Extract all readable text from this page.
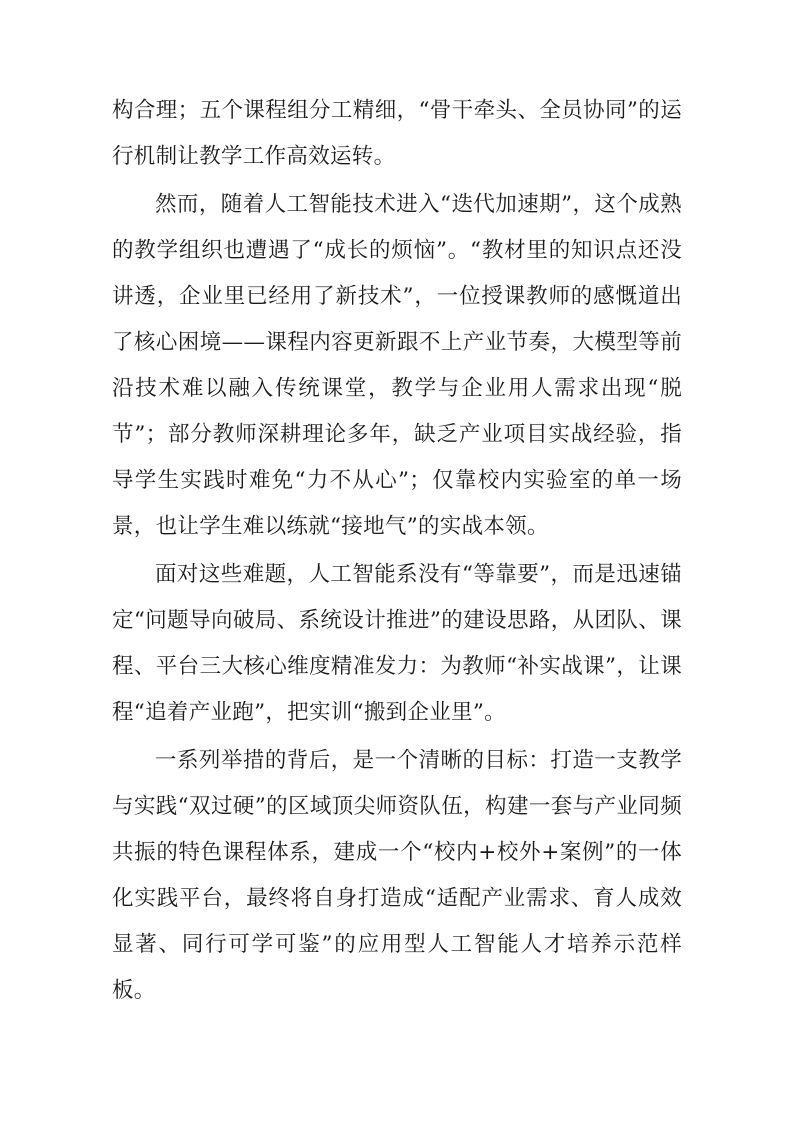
构合理；五个课程组分工精细，“骨干牵头、全员协同”的运行机制让教学工作高效运转。

然而，随着人工智能技术进入“迭代加速期”，这个成熟的教学组织也遭遇了“成长的烦恼”。“教材里的知识点还没讲透，企业里已经用了新技术”，一位授课教师的感慨道出了核心困境——课程内容更新跟不上产业节奏，大模型等前沿技术难以融入传统课堂，教学与企业用人需求出现“脱节”；部分教师深耕理论多年，缺乏产业项目实战经验，指导学生实践时难免“力不从心”；仅靠校内实验室的单一场景，也让学生难以练就“接地气”的实战本领。

面对这些难题，人工智能系没有“等靠要”，而是迅速锚定“问题导向破局、系统设计推进”的建设思路，从团队、课程、平台三大核心维度精准发力：为教师“补实战课”，让课程“追着产业跑”，把实训“搬到企业里”。

一系列举措的背后，是一个清晰的目标：打造一支教学与实践“双过硬”的区域顶尖师资队伍，构建一套与产业同频共振的特色课程体系，建成一个“校内+校外+案例”的一体化实践平台，最终将自身打造成“适配产业需求、育人成效显著、同行可学可鉴”的应用型人工智能人才培养示范样板。
